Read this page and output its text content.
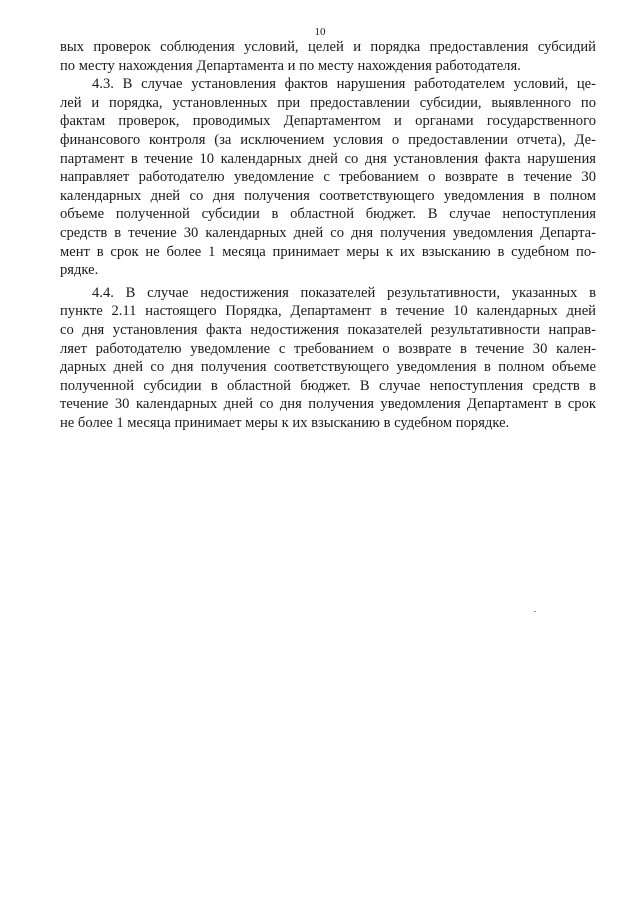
10
вых проверок соблюдения условий, целей и порядка предоставления субсидий
по месту нахождения Департамента и по месту нахождения работодателя.
4.3. В случае установления фактов нарушения работодателем условий, це-
лей и порядка, установленных при предоставлении субсидии, выявленного по
фактам проверок, проводимых Департаментом и органами государственного
финансового контроля (за исключением условия о предоставлении отчета), Де-
партамент в течение 10 календарных дней со дня установления факта нарушения
направляет работодателю уведомление с требованием о возврате в течение 30
календарных дней со дня получения соответствующего уведомления в полном
объеме полученной субсидии в областной бюджет. В случае непоступления
средств в течение 30 календарных дней со дня получения уведомления Департа-
мент в срок не более 1 месяца принимает меры к их взысканию в судебном по-
рядке.
4.4. В случае недостижения показателей результативности, указанных в
пункте 2.11 настоящего Порядка, Департамент в течение 10 календарных дней
со дня установления факта недостижения показателей результативности направ-
ляет работодателю уведомление с требованием о возврате в течение 30 кален-
дарных дней со дня получения соответствующего уведомления в полном объеме
полученной субсидии в областной бюджет. В случае непоступления средств в
течение 30 календарных дней со дня получения уведомления Департамент в срок
не более 1 месяца принимает меры к их взысканию в судебном порядке.
